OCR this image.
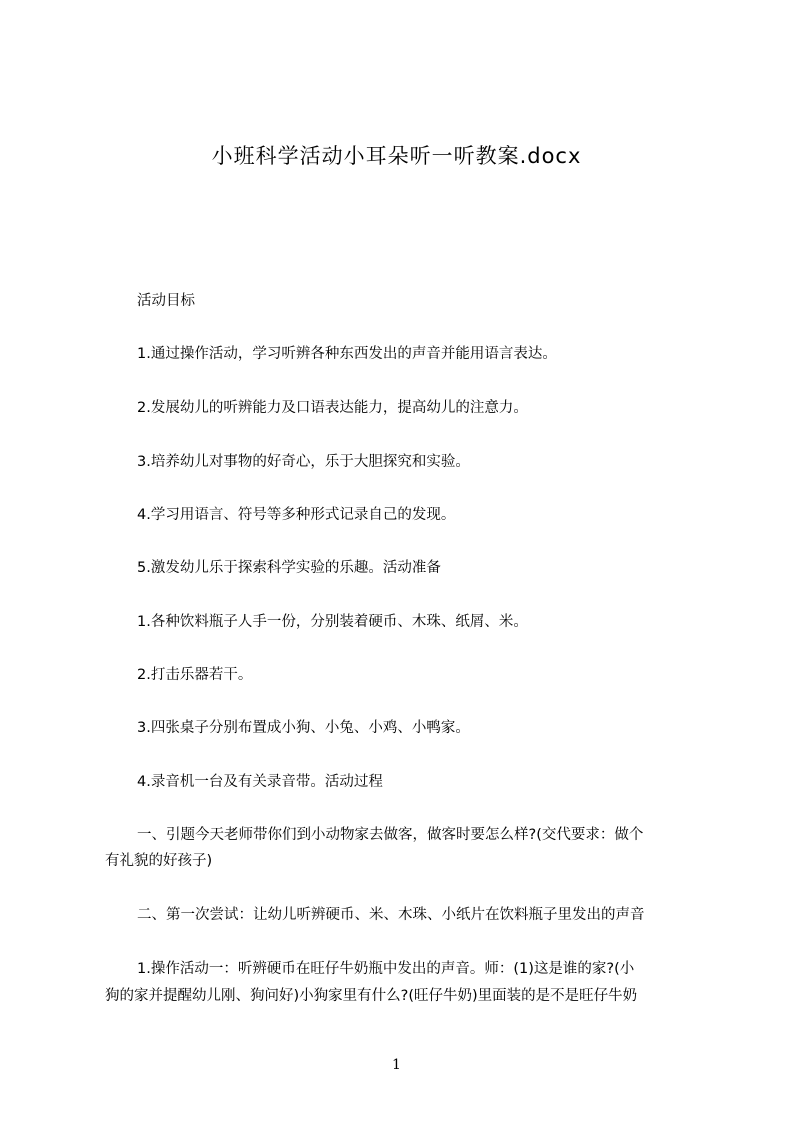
小班科学活动小耳朵听一听教案.docx
活动目标
1.通过操作活动，学习听辨各种东西发出的声音并能用语言表达。
2.发展幼儿的听辨能力及口语表达能力，提高幼儿的注意力。
3.培养幼儿对事物的好奇心，乐于大胆探究和实验。
4.学习用语言、符号等多种形式记录自己的发现。
5.激发幼儿乐于探索科学实验的乐趣。活动准备
1.各种饮料瓶子人手一份，分别装着硬币、木珠、纸屑、米。
2.打击乐器若干。
3.四张桌子分别布置成小狗、小兔、小鸡、小鸭家。
4.录音机一台及有关录音带。活动过程
一、引题今天老师带你们到小动物家去做客，做客时要怎么样?(交代要求：做个
有礼貌的好孩子)
二、第一次尝试：让幼儿听辨硬币、米、木珠、小纸片在饮料瓶子里发出的声音
1.操作活动一：听辨硬币在旺仔牛奶瓶中发出的声音。师：(1)这是谁的家?(小
狗的家并提醒幼儿刚、狗问好)小狗家里有什么?(旺仔牛奶)里面装的是不是旺仔牛奶
1
